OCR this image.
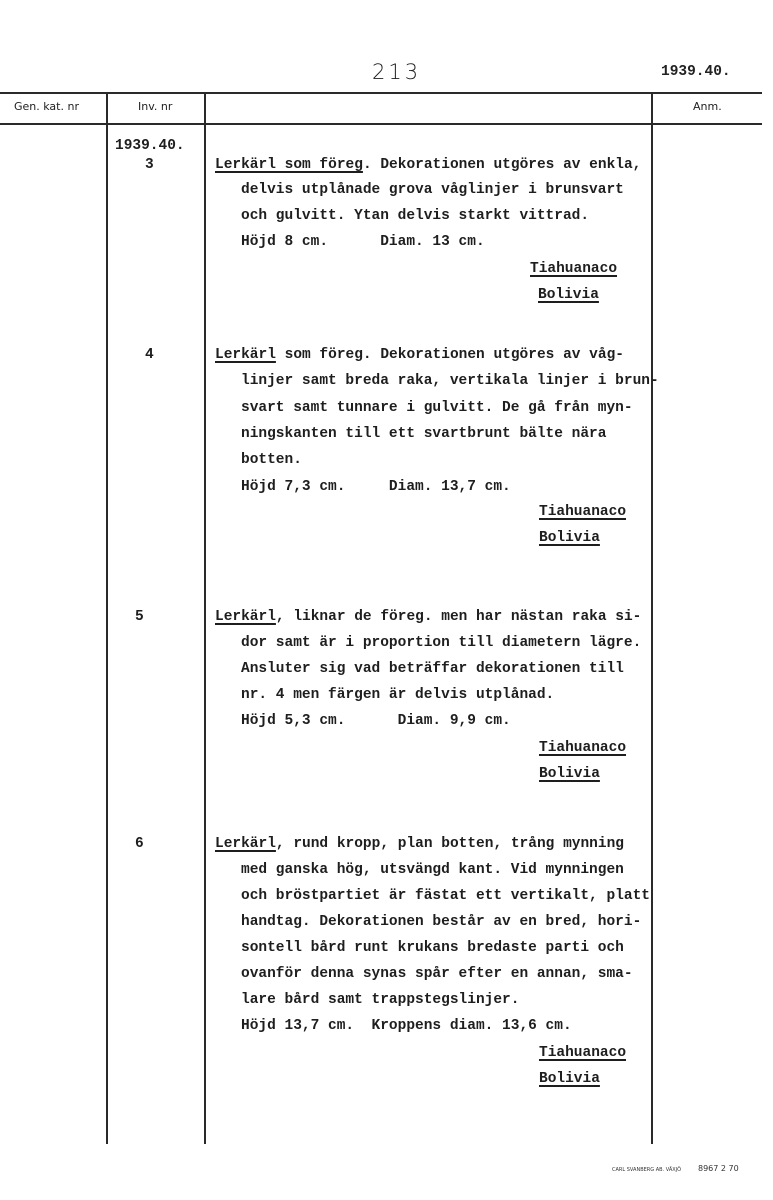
213	1939.40.
Gen. kat. nr	Inv. nr	Anm.
1939.40.
3	Lerkärl som föreg. Dekorationen utgöres av enkla,
delvis utplånade grova våglinjer i brunsvart
och gulvitt. Ytan delvis starkt vittrad.
Höjd 8 cm.      Diam. 13 cm.
Tiahuanaco
Bolivia
4	Lerkärl som föreg. Dekorationen utgöres av våg-
linjer samt breda raka, vertikala linjer i brun-
svart samt tunnare i gulvitt. De gå från myn-
ningskanten till ett svartbrunt bälte nära
botten.
Höjd 7,3 cm.     Diam. 13,7 cm.
Tiahuanaco
Bolivia
5	Lerkärl, liknar de föreg. men har nästan raka si-
dor samt är i proportion till diametern lägre.
Ansluter sig vad beträffar dekorationen till
nr. 4 men färgen är delvis utplånad.
Höjd 5,3 cm.      Diam. 9,9 cm.
Tiahuanaco
Bolivia
6	Lerkärl, rund kropp, plan botten, trång mynning
med ganska hög, utsvängd kant. Vid mynningen
och bröstpartiet är fästat ett vertikalt, platt
handtag. Dekorationen består av en bred, hori-
sontell bård runt krukans bredaste parti och
ovanför denna synas spår efter en annan, sma-
lare bård samt trappstegslinjer.
Höjd 13,7 cm.  Kroppens diam. 13,6 cm.
Tiahuanaco
Bolivia
CARL SVANBERG AB. VÄXJÖ 8967 2 70
